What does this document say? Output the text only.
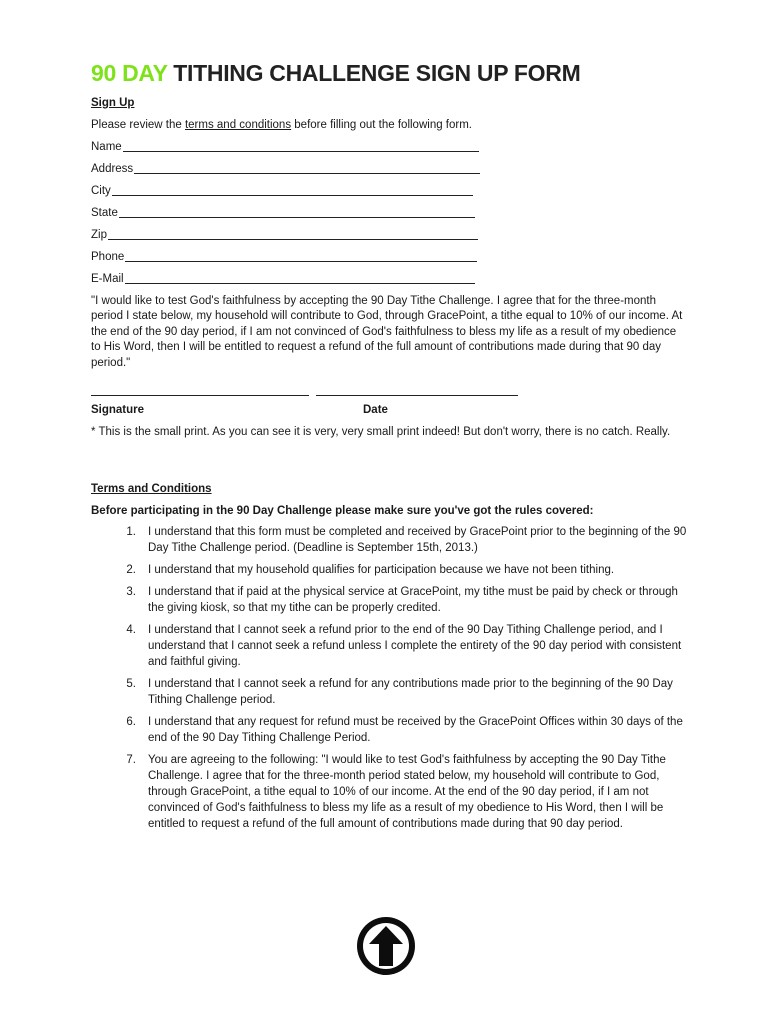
90 DAY TITHING CHALLENGE SIGN UP FORM
Sign Up
Please review the terms and conditions before filling out the following form.
Name
Address
City
State
Zip
Phone
E-Mail
"I would like to test God's faithfulness by accepting the 90 Day Tithe Challenge. I agree that for the three-month period I state below, my household will contribute to God, through GracePoint, a tithe equal to 10% of our income. At the end of the 90 day period, if I am not convinced of God's faithfulness to bless my life as a result of my obedience to His Word, then I will be entitled to request a refund of the full amount of contributions made during that 90 day period."
Signature	Date
* This is the small print. As you can see it is very, very small print indeed! But don't worry, there is no catch. Really.
Terms and Conditions
Before participating in the 90 Day Challenge please make sure you've got the rules covered:
1. I understand that this form must be completed and received by GracePoint prior to the beginning of the 90 Day Tithe Challenge period. (Deadline is September 15th, 2013.)
2. I understand that my household qualifies for participation because we have not been tithing.
3. I understand that if paid at the physical service at GracePoint, my tithe must be paid by check or through the giving kiosk, so that my tithe can be properly credited.
4. I understand that I cannot seek a refund prior to the end of the 90 Day Tithing Challenge period, and I understand that I cannot seek a refund unless I complete the entirety of the 90 day period with consistent and faithful giving.
5. I understand that I cannot seek a refund for any contributions made prior to the beginning of the 90 Day Tithing Challenge period.
6. I understand that any request for refund must be received by the GracePoint Offices within 30 days of the end of the 90 Day Tithing Challenge Period.
7. You are agreeing to the following: "I would like to test God's faithfulness by accepting the 90 Day Tithe Challenge. I agree that for the three-month period stated below, my household will contribute to God, through GracePoint, a tithe equal to 10% of our income. At the end of the 90 day period, if I am not convinced of God's faithfulness to bless my life as a result of my obedience to His Word, then I will be entitled to request a refund of the full amount of contributions made during that 90 day period.
